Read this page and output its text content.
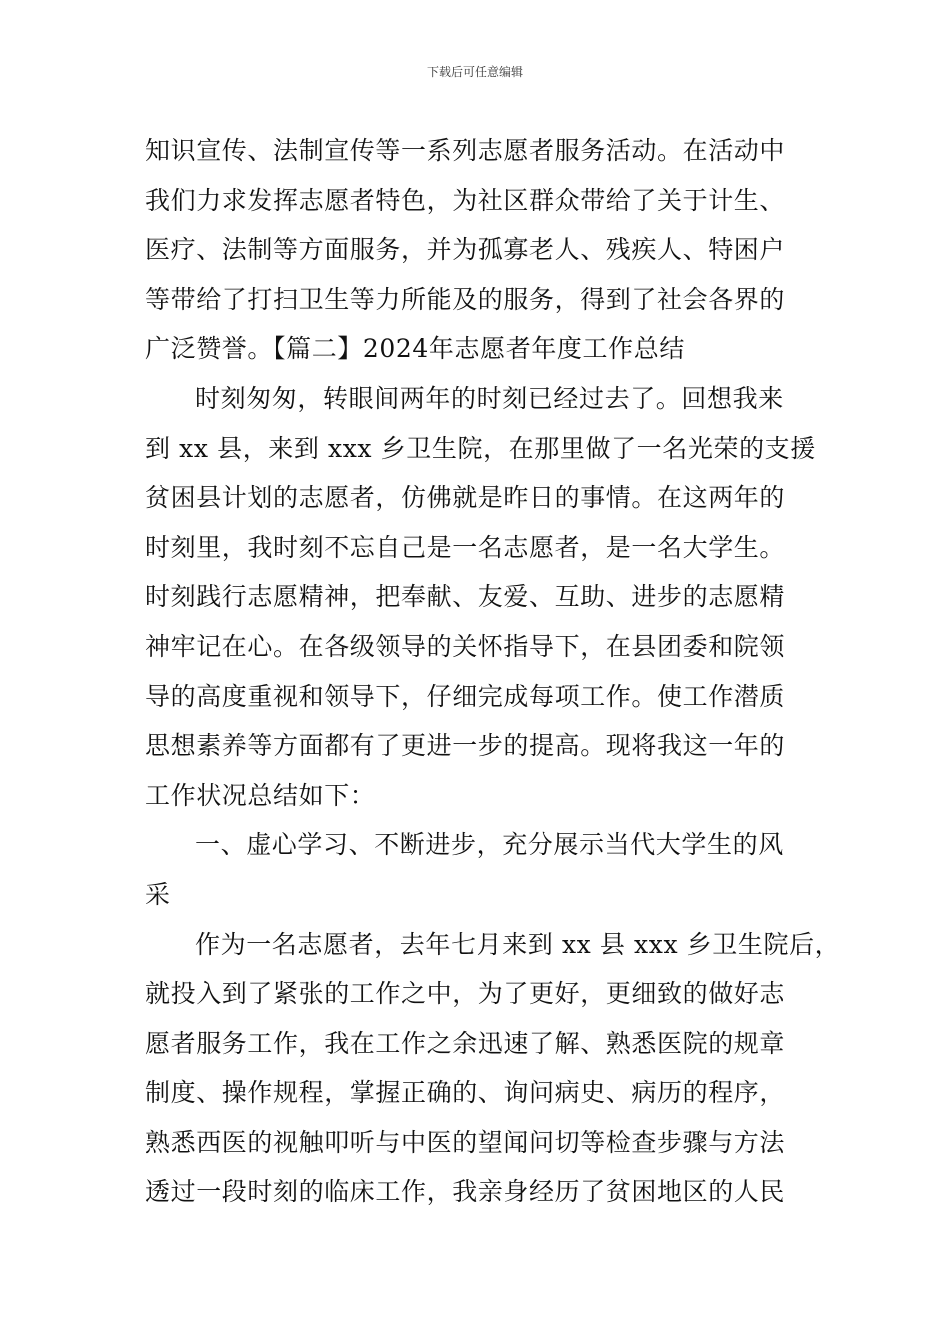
下载后可任意编辑
知识宣传、法制宣传等一系列志愿者服务活动。在活动中
我们力求发挥志愿者特色，为社区群众带给了关于计生、
医疗、法制等方面服务，并为孤寡老人、残疾人、特困户
等带给了打扫卫生等力所能及的服务，得到了社会各界的
广泛赞誉。【篇二】2024年志愿者年度工作总结
时刻匆匆，转眼间两年的时刻已经过去了。回想我来
到 xx 县，来到 xxx 乡卫生院，在那里做了一名光荣的支援
贫困县计划的志愿者，仿佛就是昨日的事情。在这两年的
时刻里，我时刻不忘自己是一名志愿者，是一名大学生。
时刻践行志愿精神，把奉献、友爱、互助、进步的志愿精
神牢记在心。在各级领导的关怀指导下，在县团委和院领
导的高度重视和领导下，仔细完成每项工作。使工作潜质
思想素养等方面都有了更进一步的提高。现将我这一年的
工作状况总结如下：
一、虚心学习、不断进步，充分展示当代大学生的风
采
作为一名志愿者，去年七月来到 xx 县 xxx 乡卫生院后，
就投入到了紧张的工作之中，为了更好，更细致的做好志
愿者服务工作，我在工作之余迅速了解、熟悉医院的规章
制度、操作规程，掌握正确的、询问病史、病历的程序，
熟悉西医的视触叩听与中医的望闻问切等检查步骤与方法
透过一段时刻的临床工作，我亲身经历了贫困地区的人民
